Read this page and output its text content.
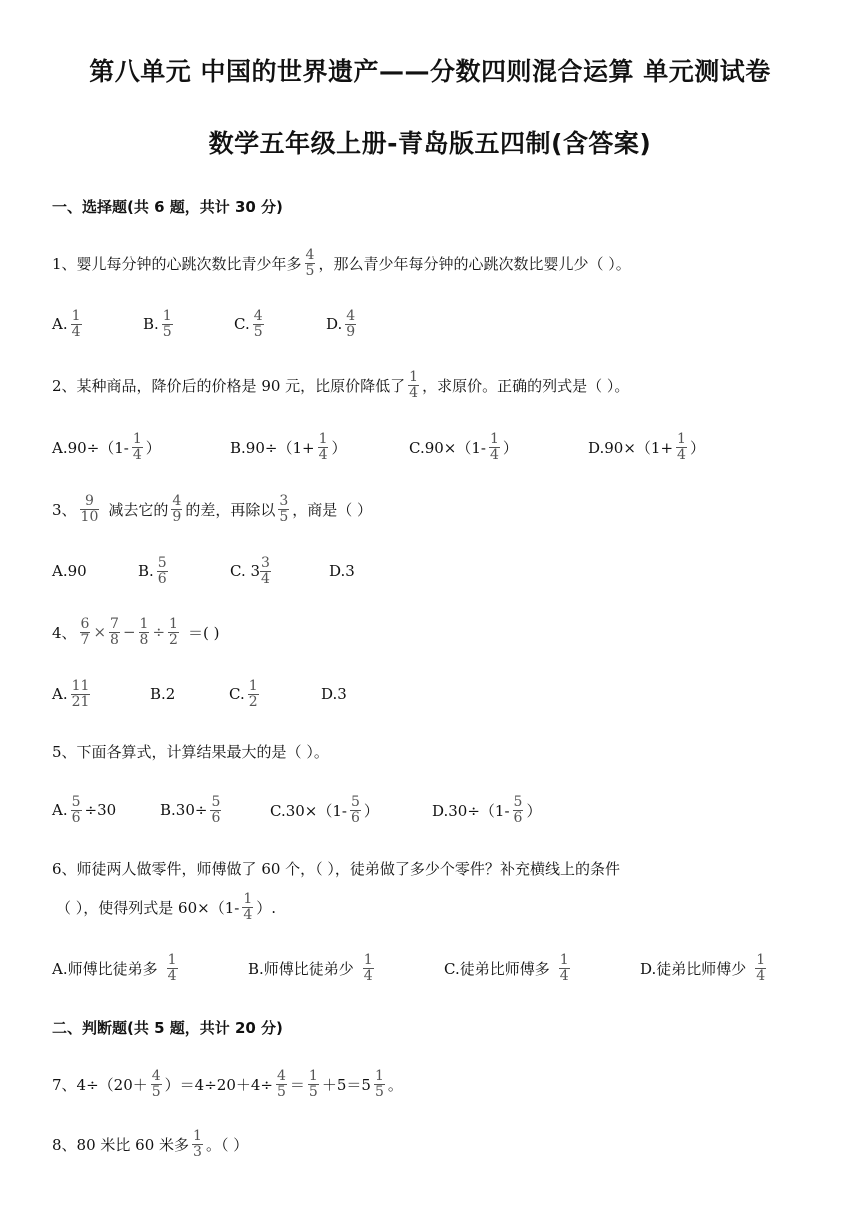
第八单元 中国的世界遗产——分数四则混合运算 单元测试卷
数学五年级上册-青岛版五四制(含答案)
一、选择题(共 6 题，共计 30 分)
1、婴儿每分钟的心跳次数比青少年多 $\frac{4}{5}$ ，那么青少年每分钟的心跳次数比婴儿少（ ）。
A. $\frac{1}{4}$	B. $\frac{1}{5}$	C. $\frac{4}{5}$	D. $\frac{4}{9}$
2、某种商品，降价后的价格是 90 元，比原价降低了 $\frac{1}{4}$ ，求原价。正确的列式是（ ）。
$A.90\div(1- \frac{1}{4}$ ）	$B.90\div(1+ \frac{1}{4}$ ）	$C.90\times(1- \frac{1}{4}$ ）	$D.90\times(1+ \frac{1}{4}$ ）
3、 $\frac{9}{10}$ 减去它的 $\frac{4}{9}$ 的差，再除以 $\frac{3}{5}$ ，商是（ ）
A.90	B. $\frac{5}{6}$	C. $3 \frac{3}{4}$	D.3
4、 $\frac{6}{7} \times \frac{7}{8} - \frac{1}{8} \div \frac{1}{2}$ ＝( )
A. $\frac{11}{21}$	B.2	C. $\frac{1}{2}$	D.3
5、下面各算式，计算结果最大的是（ ）。
A. $\frac{5}{6} \div 30$	$B.30\div \frac{5}{6}$	$C.30\times(1- \frac{5}{6}$ ）	$D.30\div(1- \frac{5}{6}$ ）
6、师徒两人做零件，师傅做了 60 个，（ ），徒弟做了多少个零件？补充横线上的条件
（ ），使得列式是 $60\times(1- \frac{1}{4}$ ）.
A.师傅比徒弟多 $\frac{1}{4}$	B.师傅比徒弟少 $\frac{1}{4}$	C.徒弟比师傅多 $\frac{1}{4}$	D.徒弟比师傅少 $\frac{1}{4}$
二、判断题(共 5 题，共计 20 分)
7、$4\div(20+ \frac{4}{5} )=4\div 20+4\div \frac{4}{5} = \frac{1}{5} +5=5 \frac{1}{5}$ 。
8、80 米比 60 米多 $\frac{1}{3}$ 。（ ）
